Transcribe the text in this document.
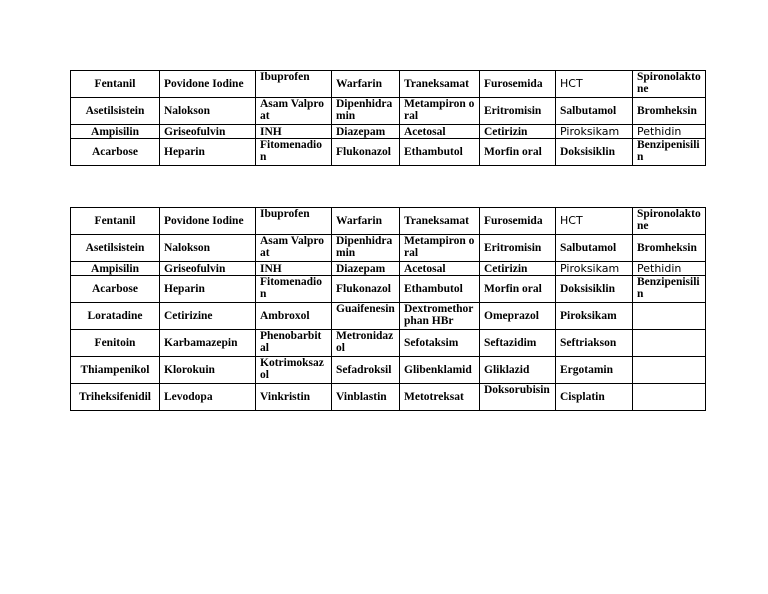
Fentanil	Povidone Iodine	Ibuprofen	Warfarin	Traneksamat	Furosemida	HCT	Spironolaktone
Asetilsistein	Nalokson	Asam Valproat	Dipenhidramin	Metampiron oral	Eritromisin	Salbutamol	Bromheksin
Ampisilin	Griseofulvin	INH	Diazepam	Acetosal	Cetirizin	Piroksikam	Pethidin
Acarbose	Heparin	Fitomenadion	Flukonazol	Ethambutol	Morfin oral	Doksisiklin	Benzipenisilin
Fentanil	Povidone Iodine	Ibuprofen	Warfarin	Traneksamat	Furosemida	HCT	Spironolaktone
Asetilsistein	Nalokson	Asam Valproat	Dipenhidramin	Metampiron oral	Eritromisin	Salbutamol	Bromheksin
Ampisilin	Griseofulvin	INH	Diazepam	Acetosal	Cetirizin	Piroksikam	Pethidin
Acarbose	Heparin	Fitomenadion	Flukonazol	Ethambutol	Morfin oral	Doksisiklin	Benzipenisilin
Loratadine	Cetirizine	Ambroxol	Guaifenesin	Dextromethorphan HBr	Omeprazol	Piroksikam	
Fenitoin	Karbamazepin	Phenobarbital	Metronidazol	Sefotaksim	Seftazidim	Seftriakson	
Thiampenikol	Klorokuin	Kotrimoksazol	Sefadroksil	Glibenklamid	Gliklazid	Ergotamin	
Triheksifenidil	Levodopa	Vinkristin	Vinblastin	Metotreksat	Doksorubisin	Cisplatin	
